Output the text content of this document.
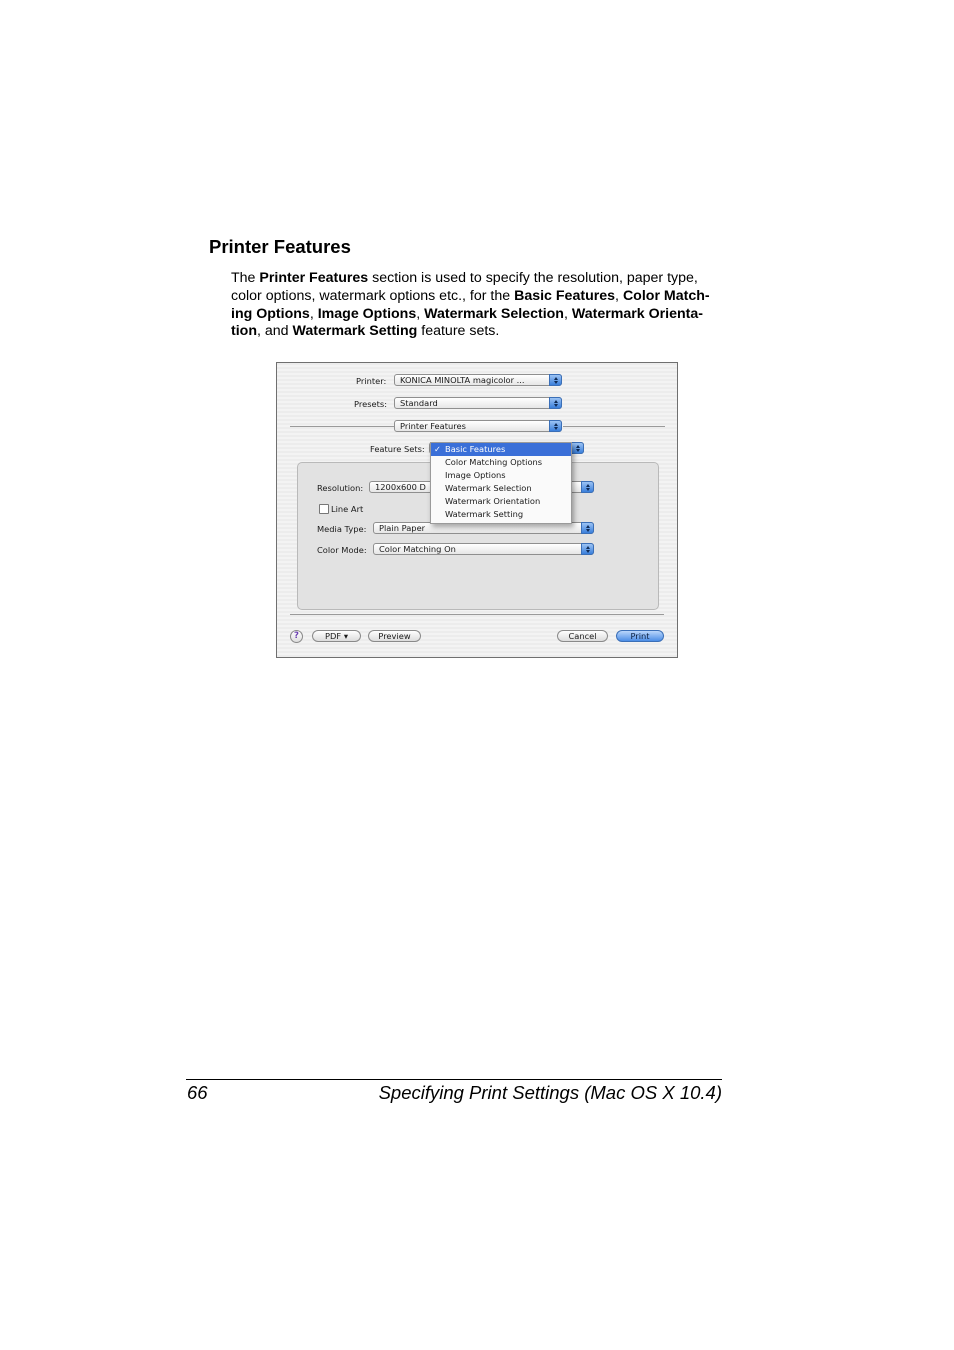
Printer Features
The Printer Features section is used to specify the resolution, paper type,
color options, watermark options etc., for the Basic Features, Color Match-
ing Options, Image Options, Watermark Selection, Watermark Orienta-
tion, and Watermark Setting feature sets.
Printer: KONICA MINOLTA magicolor ...
Presets: Standard
Printer Features
Feature Sets:
Resolution: 1200x600 D
Line Art
Media Type: Plain Paper
Color Mode: Color Matching On
✓ Basic Features
Color Matching Options
Image Options
Watermark Selection
Watermark Orientation
Watermark Setting
?	PDF ▾	Preview	Cancel	Print
66	Specifying Print Settings (Mac OS X 10.4)
